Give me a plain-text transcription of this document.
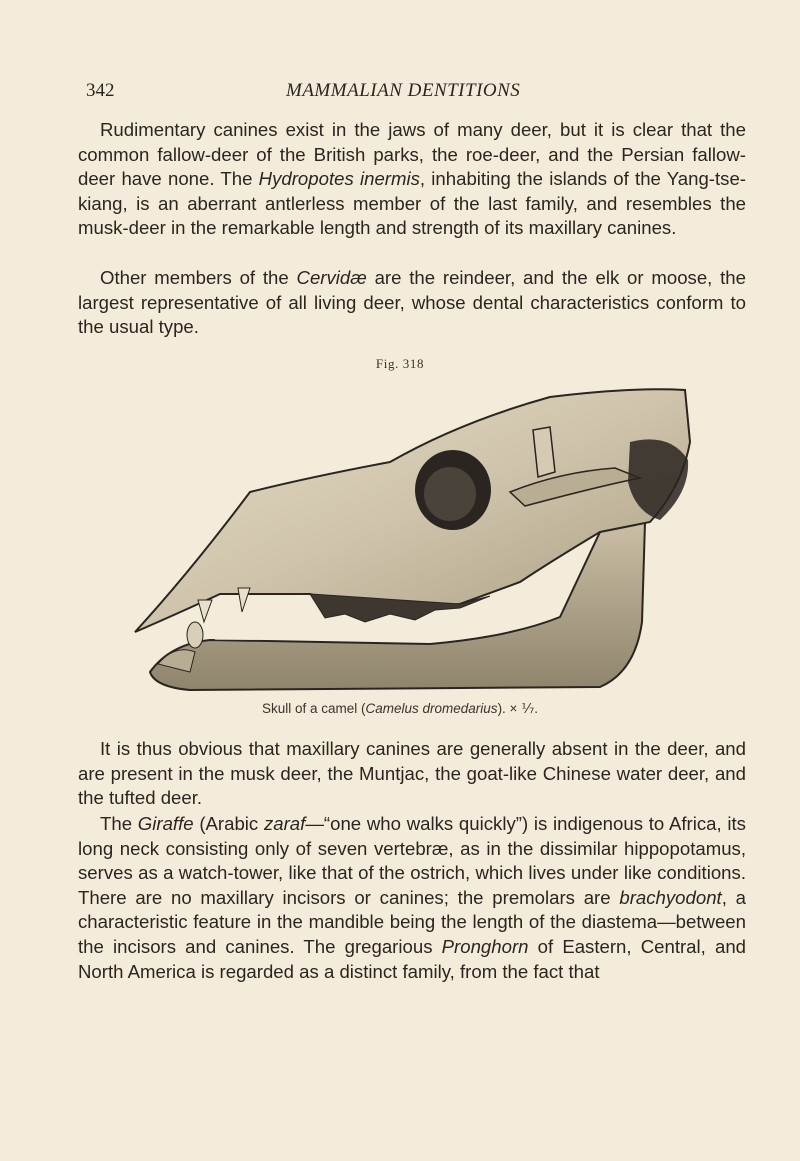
342	MAMMALIAN DENTITIONS

Rudimentary canines exist in the jaws of many deer, but it is clear that the common fallow-deer of the British parks, the roe-deer, and the Persian fallow-deer have none. The Hydropotes inermis, inhabiting the islands of the Yang-tse-kiang, is an aberrant antlerless member of the last family, and resembles the musk-deer in the remarkable length and strength of its maxillary canines.

Other members of the Cervidæ are the reindeer, and the elk or moose, the largest representative of all living deer, whose dental characteristics conform to the usual type.

Fig. 318
Skull of a camel (Camelus dromedarius). × ⅐.

It is thus obvious that maxillary canines are generally absent in the deer, and are present in the musk deer, the Muntjac, the goat-like Chinese water deer, and the tufted deer.

The Giraffe (Arabic zaraf—“one who walks quickly”) is indigenous to Africa, its long neck consisting only of seven vertebræ, as in the dissimilar hippopotamus, serves as a watch-tower, like that of the ostrich, which lives under like conditions. There are no maxillary incisors or canines; the premolars are brachyodont, a characteristic feature in the mandible being the length of the diastema—between the incisors and canines. The gregarious Pronghorn of Eastern, Central, and North America is regarded as a distinct family, from the fact that
